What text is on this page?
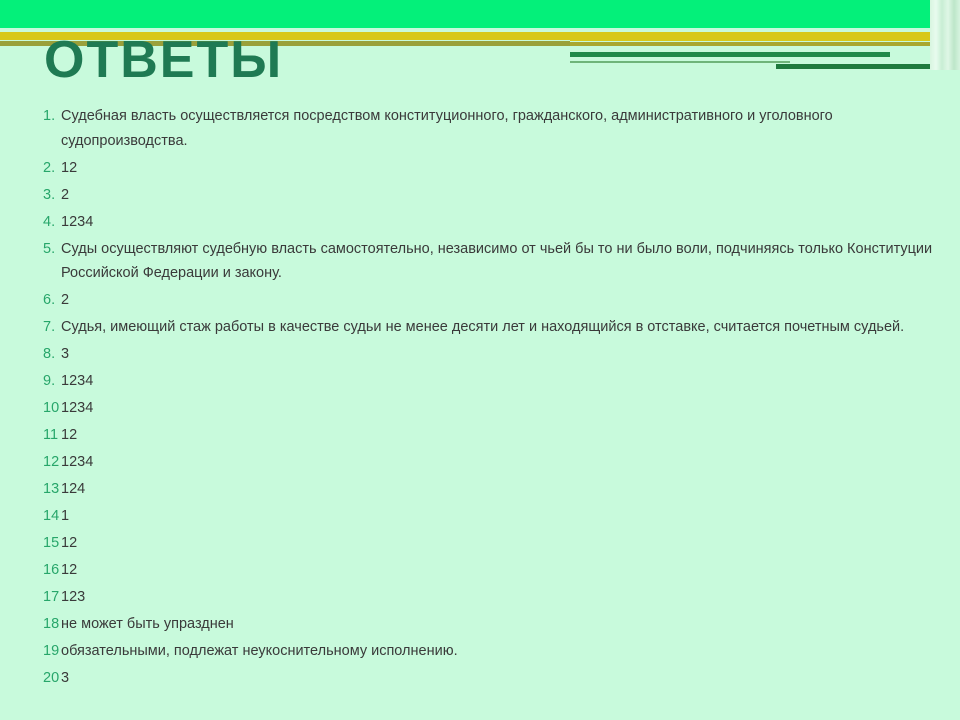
ОТВЕТЫ
1. Судебная власть осуществляется посредством конституционного, гражданского, административного и уголовного судопроизводства.
2. 12
3. 2
4. 1234
5. Суды осуществляют судебную власть самостоятельно, независимо от чьей бы то ни было воли, подчиняясь только Конституции Российской Федерации и закону.
6. 2
7. Судья, имеющий стаж работы в качестве судьи не менее десяти лет и находящийся в отставке, считается почетным судьей.
8. 3
9. 1234
10 1234
11 12
12 1234
13 124
14 1
15 12
16 12
17 123
18 не может быть упразднен
19 обязательными, подлежат неукоснительному исполнению.
20 3
